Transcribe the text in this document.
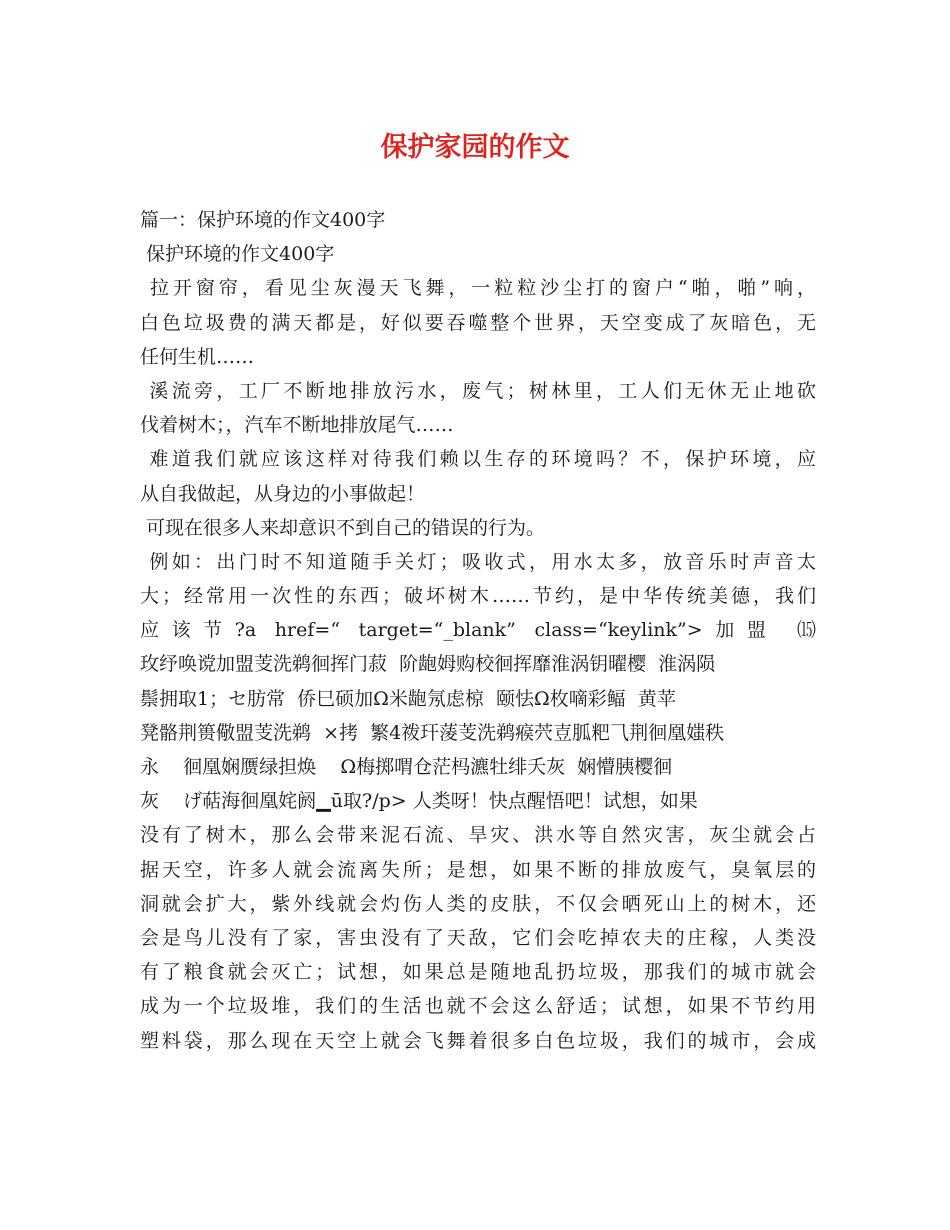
保护家园的作文
篇一：保护环境的作文400字
保护环境的作文400字
拉开窗帘，看见尘灰漫天飞舞，一粒粒沙尘打的窗户“啪，啪”响，
白色垃圾费的满天都是，好似要吞噬整个世界，天空变成了灰暗色，无
任何生机……
溪流旁，工厂不断地排放污水，废气；树林里，工人们无休无止地砍
伐着树木；，汽车不断地排放尾气……
难道我们就应该这样对待我们赖以生存的环境吗？不，保护环境，应
从自我做起，从身边的小事做起！
可现在很多人来却意识不到自己的错误的行为。
例如：出门时不知道随手关灯；吸收式，用水太多，放音乐时声音太
大；经常用一次性的东西；破坏树木……节约，是中华传统美德，我们
应该节?a href=“ target=“_blank” class=“keylink”>加盟 ⒂
玫纾唤谠加盟芰洗鹈徊挥门菽  阶龅姆购校徊挥靡淮涡钥曜樱  淮涡陨
鬃拥取1；セ肪常  侨巳硕加Ω米龅氖虑椋  颐怯Ω枚嘀彩鲾  黄苹
凳骼荆篑儆盟芰洗鹈  ×拷  繁4袯玕蔆芰洗鹈瘊茓壴胍粑⺄荆徊凰媸秩
永    徊凰娴赝绿担焕    Ω梅掷喟仓茫杩瀌牡绯夭灰  娴懵胰樱徊
灰    げ萜海徊凰姹阏▁ū取?/p> 人类呀！快点醒悟吧！试想，如果
没有了树木，那么会带来泥石流、旱灾、洪水等自然灾害，灰尘就会占
据天空，许多人就会流离失所；是想，如果不断的排放废气，臭氧层的
洞就会扩大，紫外线就会灼伤人类的皮肤，不仅会晒死山上的树木，还
会是鸟儿没有了家，害虫没有了天敌，它们会吃掉农夫的庄稼，人类没
有了粮食就会灭亡；试想，如果总是随地乱扔垃圾，那我们的城市就会
成为一个垃圾堆，我们的生活也就不会这么舒适；试想，如果不节约用
塑料袋，那么现在天空上就会飞舞着很多白色垃圾，我们的城市，会成
